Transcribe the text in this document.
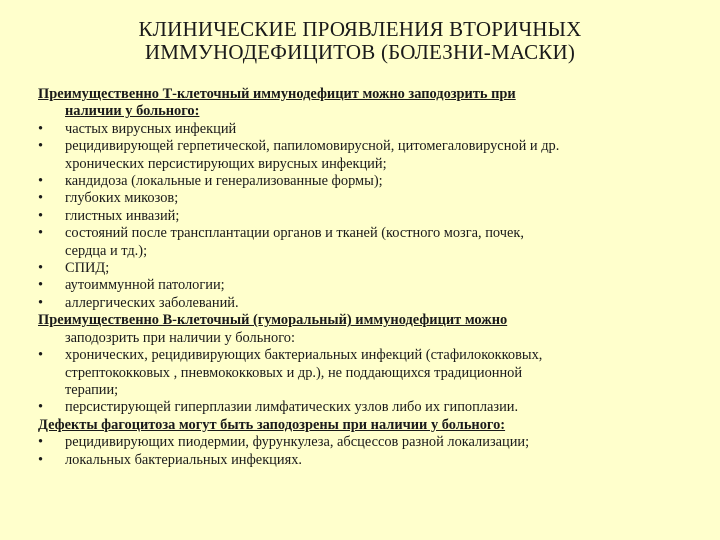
КЛИНИЧЕСКИЕ ПРОЯВЛЕНИЯ ВТОРИЧНЫХ
ИММУНОДЕФИЦИТОВ (БОЛЕЗНИ-МАСКИ)
Преимущественно Т-клеточный иммунодефицит можно заподозрить при
наличии у больного:
•	частых вирусных инфекций
•	рецидивирующей герпетической, папиломовирусной, цитомегаловирусной и др.
хронических персистирующих вирусных инфекций;
•	кандидоза (локальные и генерализованные формы);
•	глубоких микозов;
•	глистных инвазий;
•	состояний после трансплантации органов и тканей (костного мозга, почек,
сердца и тд.);
•	СПИД;
•	аутоиммунной патологии;
•	аллергических заболеваний.
Преимущественно В-клеточный (гуморальный) иммунодефицит можно
заподозрить при наличии у больного:
•	хронических, рецидивирующих бактериальных инфекций (стафилококковых,
стрептококковых , пневмококковых и др.), не поддающихся традиционной
терапии;
•	персистирующей гиперплазии лимфатических узлов либо их гипоплазии.
Дефекты фагоцитоза могут быть заподозрены при наличии у больного:
•	рецидивирующих пиодермии, фурункулеза, абсцессов разной локализации;
•	локальных бактериальных инфекциях.
